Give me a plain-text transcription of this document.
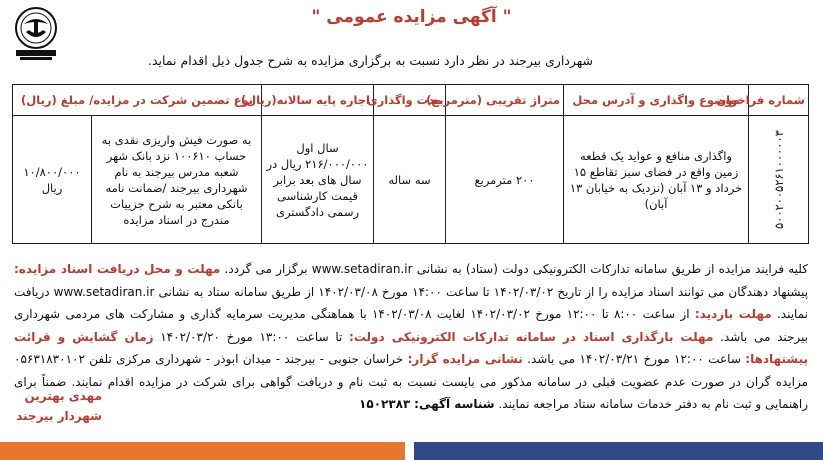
" آگهی مزایده عمومی "
شهرداری بیرجند در نظر دارد نسبت به برگزاری مزایده به شرح جدول ذیل اقدام نماید.
شماره فراخوان	موضوع واگذاری و آدرس محل	متراژ تقریبی (مترمربع)	مدت واگذاری	اجاره پایه سالانه(ریال)	نوع تضمین شرکت در مزایده/ مبلغ (ریال)	
۵۰۰۲۰۰۵۲۶۱۰۰۰۰۰۳	واگذاری منافع و عواید یک قطعه زمین واقع در فضای سبز تقاطع ۱۵ خرداد و ۱۳ آبان (نزدیک به خیابان ۱۳ آبان)	۲۰۰ مترمربع	سه ساله	سال اول ۲۱۶/۰۰۰/۰۰۰ ریال در سال های بعد برابر قیمت کارشناسی رسمی دادگستری	به صورت فیش واریزی نقدی به حساب ۱۰۰۶۱۰ نزد بانک شهر شعبه مدرس بیرجند به نام شهرداری بیرجند /ضمانت نامه بانکی معتبر به شرح جزییات مندرج در اسناد مزایده	۱۰/۸۰۰/۰۰۰
ریال

کلیه فرایند مزایده از طریق سامانه تدارکات الکترونیکی دولت (ستاد) به نشانی www.setadiran.ir برگزار می گردد. مهلت و محل دریافت اسناد مزایده: پیشنهاد دهندگان می توانند اسناد مزایده را از تاریخ ۱۴۰۲/۰۳/۰۲ تا ساعت ۱۴:۰۰ مورخ ۱۴۰۲/۰۳/۰۸ از طریق سامانه ستاد به نشانی www.setadiran.ir دریافت نمایند. مهلت بازدید: از ساعت ۸:۰۰ تا ۱۲:۰۰ مورخ ۱۴۰۲/۰۳/۰۲ لغایت ۱۴۰۲/۰۳/۰۸ با هماهنگی مدیریت سرمایه گذاری و مشارکت های مردمی شهرداری بیرجند می باشد. مهلت بارگذاری اسناد در سامانه تدارکات الکترونیکی دولت: تا ساعت ۱۳:۰۰ مورخ ۱۴۰۲/۰۳/۲۰ زمان گشایش و قرائت پیشنهادها: ساعت ۱۲:۰۰ مورخ ۱۴۰۲/۰۳/۲۱ می باشد. نشانی مزایده گزار: خراسان جنوبی - بیرجند - میدان ابوذر - شهرداری مرکزی تلفن ۰۵۶۳۱۸۳۰۱۰۲ مزایده گران در صورت عدم عضویت قبلی در سامانه مذکور می بایست نسبت به ثبت نام و دریافت گواهی برای شرکت در مزایده اقدام نمایند. ضمناً برای راهنمایی و ثبت نام به دفتر خدمات سامانه ستاد مراجعه نمایند. شناسه آگهی: ۱۵۰۲۳۸۳

مهدی بهترین
شهردار بیرجند
